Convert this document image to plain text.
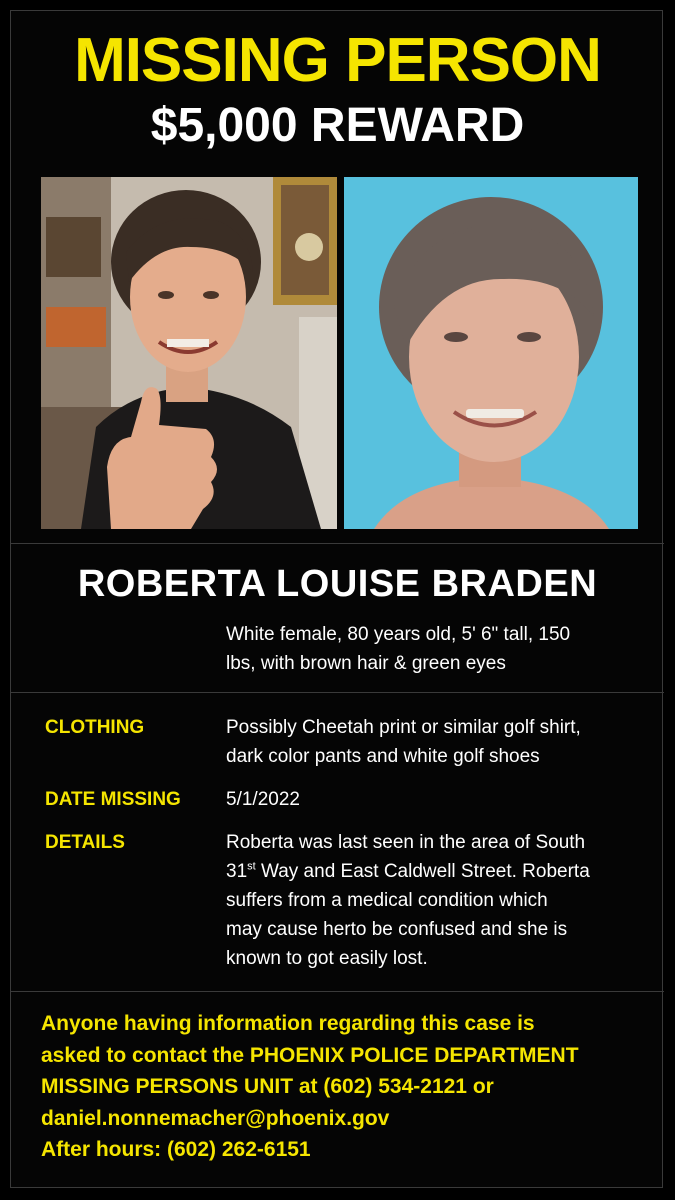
MISSING PERSON
$5,000 REWARD
ROBERTA LOUISE BRADEN
White female, 80 years old, 5' 6" tall, 150
lbs, with brown hair & green eyes
CLOTHING	Possibly Cheetah print or similar golf shirt,
dark color pants and white golf shoes
DATE MISSING 5/1/2022
DETAILS	Roberta was last seen in the area of South
31st Way and East Caldwell Street. Roberta
suffers from a medical condition which
may cause herto be confused and she is
known to got easily lost.
Anyone having information regarding this case is
asked to contact the PHOENIX POLICE DEPARTMENT
MISSING PERSONS UNIT at (602) 534-2121 or
daniel.nonnemacher@phoenix.gov
After hours: (602) 262-6151
